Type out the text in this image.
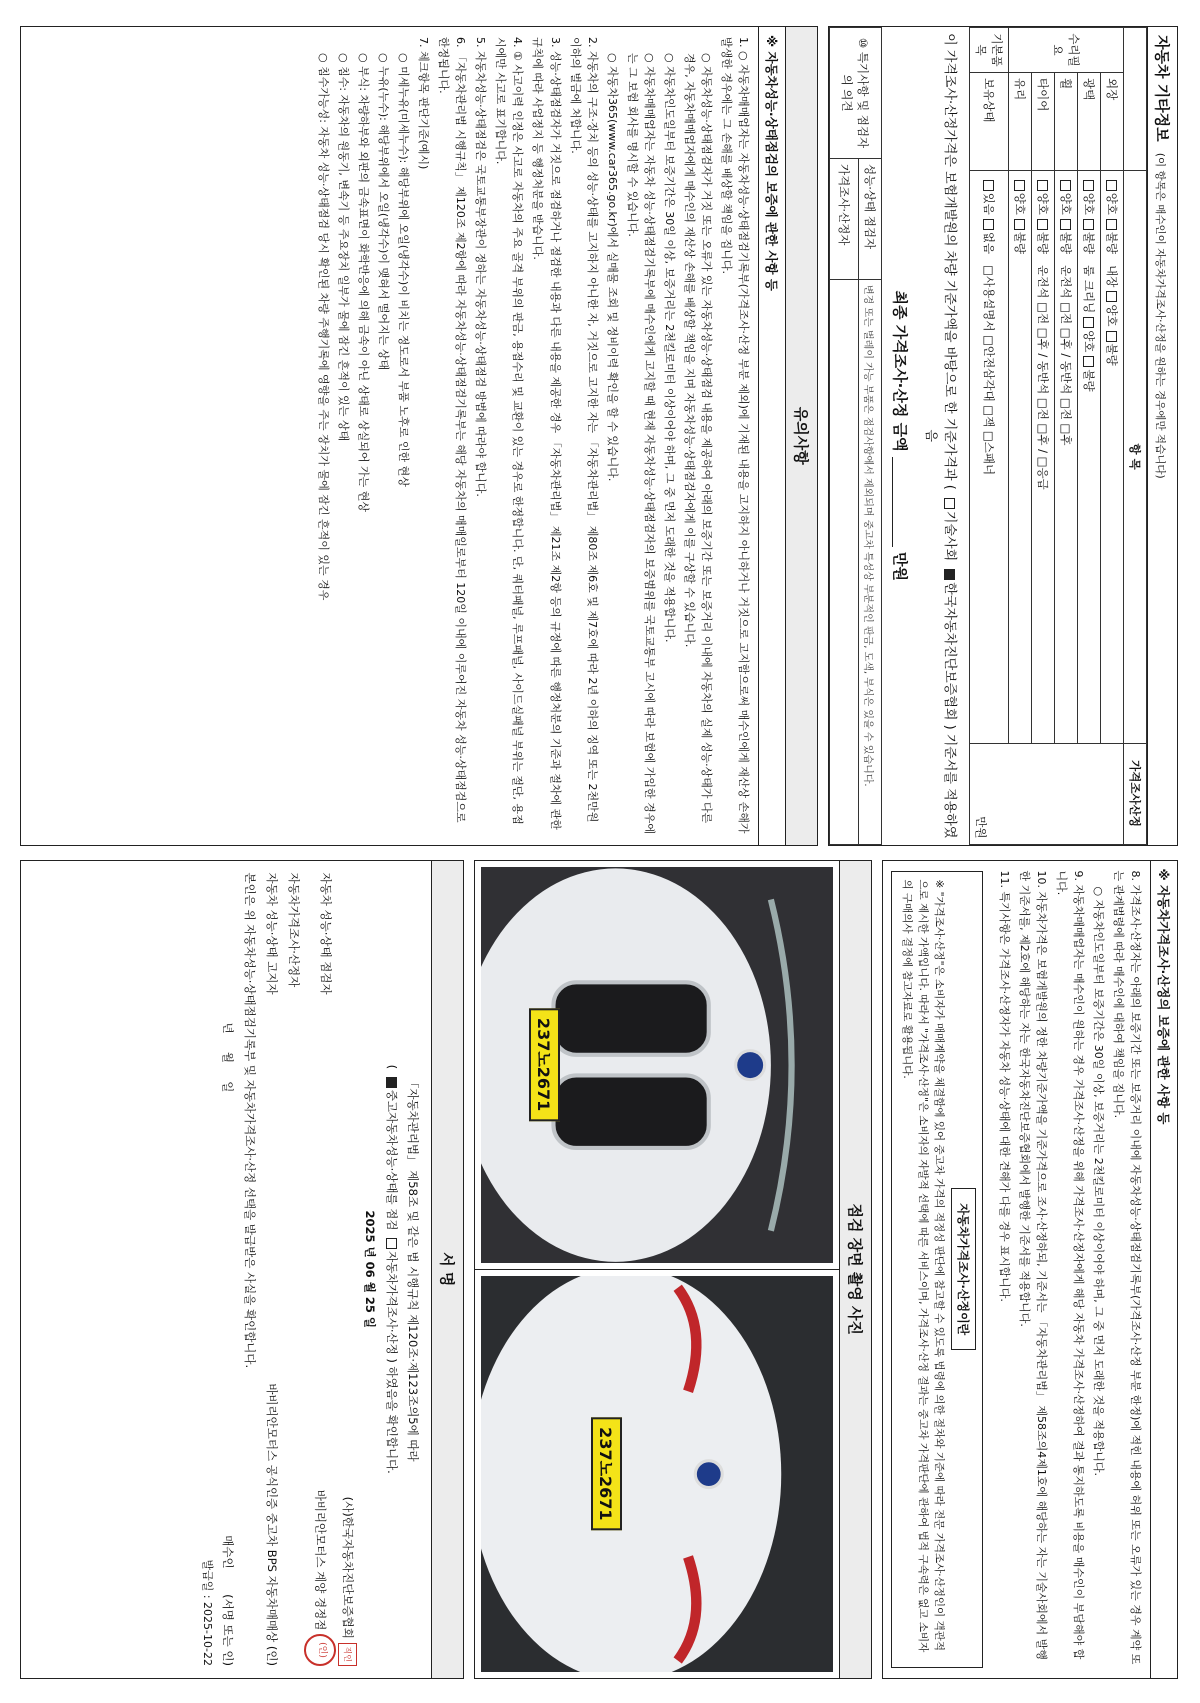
자동차 기타정보 (이 항목은 매수인이 자동차가격조사·산정을 원하는 경우에만 적습니다)
		항 목	가격조사산정
수리필요	외장	양호불량   내장양호불량	만원
	광택	양호불량   룸 크리닝양호불량	
	휠	양호불량   운전석 □전 □후 / 동반석 □전 □후	
	타이어	양호불량   운전석 □전 □후 / 동반석 □전 □후 / □응급	
	유리	양호불량	
기본품목	보유상태	있음없음   □사용설명서 □안전삼각대 □잭 □스패너	
이 가격조사·산정가격은 보험개발원의 차량 기준가액을 바탕으로 한 기준가격과 ( 기술사회 한국자동차진단보증협회 ) 기준서를 적용하였음
최종 가격조사·산정 금액  만원
⑩ 특기사항 및 점검자의 의견	성능·상태 점검자	변경 또는 벌레이 가능 부품은 점검사항에서 제외되며 중고차 특성상 부분적인 판금, 도색, 부식은 있을 수 있습니다.
	가격조사·산정자	
유의사항
※ 자동차성능·상태점검의 보증에 관한 사항 등

1. ○ 자동차매매업자는 자동차성능·상태점검기록부(가격조사·산정 부분 제외)에 기재된 내용을 고지하지 아니하거나 거짓으로 고지함으로써 매수인에게 재산상 손해가 발생한 경우에는 그 손해를 배상할 책임을 집니다.

○ 자동차성능·상태점검자가 거짓 또는 오류가 있는 자동차성능·상태점검 내용을 제공하여 아래의 보증기간 또는 보증거리 이내에 자동차의 실제 성능·상태가 다른 경우, 자동차매매업자에게 매수인의 재산상 손해를 배상할 책임을 지며 자동차성능·상태점검자에게 이를 구상할 수 있습니다.

○ 자동차인도일부터 보증기간은 30일 이상, 보증거리는 2천킬로미터 이상이어야 하며, 그 중 먼저 도래한 것을 적용합니다.

○ 자동차매매업자는 자동차 성능·상태점검기록부에 매수인에게 고지할 때 현재 자동차성능·상태점검자의 보증범위를 국토교통부 고시에 따라 보험에 가입한 경우에는 그 보험 회사를 명시할 수 있습니다.

○ 자동차365(www.car365.go.kr)에서 실매물 조회 및 정비이력 확인을 할 수 있습니다.

2. 자동차의 구조·장치 등의 성능·상태를 고지하지 아니한 자, 거짓으로 고지한 자는 「자동차관리법」 제80조 제6호 및 제7호에 따라 2년 이하의 징역 또는 2천만원 이하의 벌금에 처합니다.

3. 성능·상태점검자가 거짓으로 점검하거나 점검한 내용과 다른 내용을 제공한 경우 「자동차관리법」 제21조 제2항 등의 규정에 따른 행정처분의 기준과 절차에 관한 규칙에 따라 사업정지 등 행정처분을 받습니다.

4. ① 사고이력 인정은 사고로 자동차의 주요 골격 부위의 판금, 용접수리 및 교환이 있는 경우로 한정합니다. 단, 쿼터패널, 루프패널, 사이드실패널 부위는 절단, 용접 시에만 사고로 표기합니다.

5. 자동차성능·상태점검은 국토교통부장관이 정하는 자동차성능·상태점검 방법에 따라야 합니다.

6. 「자동차관리법 시행규칙」 제120조 제2항에 따라 자동차성능·상태점검기록부는 해당 자동차의 매매일로부터 120일 이내에 이루어진 자동차 성능·상태점검으로 한정됩니다.

7. 체크항목 판단기준(예시)

○ 미세누유(미세누수): 해당부위에 오일(냉각수)이 비치는 정도로서 부품 노후로 인한 현상

○ 누유(누수): 해당부위에서 오일(냉각수)이 맺혀서 떨어지는 상태

○ 부식: 차량하부와 외판의 금속표면이 화학반응에 의해 금속이 아닌 상태로 상실되어 가는 현상

○ 침수: 자동차의 원동기, 변속기 등 주요장치 일부가 물에 잠긴 흔적이 있는 상태

○ 침수가능성: 자동차 성능·상태점검 당시 확인된 차량 주행기록에 영향을 주는 장치가 물에 잠긴 흔적이 있는 경우

※ 자동차가격조사·산정의 보증에 관한 사항 등

8. 가격조사·산정자는 아래의 보증기간 또는 보증거리 이내에 자동차성능·상태점검기록부(가격조사·산정 부분 한정)에 적힌 내용에 허위 또는 오류가 있는 경우 계약 또는 관계법령에 따라 매수인에 대하여 책임을 집니다.

○ 자동차인도일부터 보증기간은 30일 이상, 보증거리는 2천킬로미터 이상이어야 하며, 그 중 먼저 도래한 것을 적용합니다.

9. 자동차매매업자는 매수인이 원하는 경우 가격조사·산정을 위해 가격조사·산정자에게 해당 자동차 가격조사·산정하여 결과 통지하도록 비용을 매수인이 부담해야 합니다.

10. 자동차가격은 보험개발원의 정한 차량기준가액을 기준가격으로 조사·산정하되, 기준서는 「자동차관리법」 제58조의4제1호에 해당하는 자는 기술사회에서 발행한 기준서를, 제2호에 해당하는 자는 한국자동차진단보증협회에서 발행한 기준서를 적용합니다.

11. 특기사항은 가격조사·산정자가 자동차 성능·상태에 대한 견해가 다를 경우 표시합니다.

자동차가격조사·산정이란
※ "가격조사·산정"은 소비자가 매매계약을 체결함에 있어 중고차 가격의 적정성 판단에 참고할 수 있도록 법령에 의한 절차와 기준에 따라 전문 가격조사·산정인이 객관적으로 제시한 가액입니다. 따라서 "가격조사·산정"은 소비자의 자발적 선택에 따른 서비스이며, 가격조사·산정 결과는 중고차 가격판단에 관하여 법적 구속력은 없고 소비자의 구매의사 결정에 참고자료로 활용됩니다.
점검 장면 촬영 사진
237노2671
237노2671
서 명
「자동차관리법」 제58조 및 같은 법 시행규칙 제120조·제123조의5에 따라
( 중고자동차성능·상태를 점검 자동차가격조사·산정 ) 하였음을 확인합니다.
2025 년 06 월 25 일
(사)한국자동차진단보증협회 직인
자동차 성능·상태 점검자
바비리안모터스 계양 경정점 (인)
자동차가격조사·산정자
자동차 성능·상태 고지자
바비리안모터스 공식인증 중고차 BPS 자동차매매상 (인)
본인은 위 자동차성능·상태점검기록부 및 자동차가격조사·산정 선택을 발급받은 사실을 확인합니다.
년     월     일
매수인       (서명 또는 인)
발급일 : 2025-10-22
